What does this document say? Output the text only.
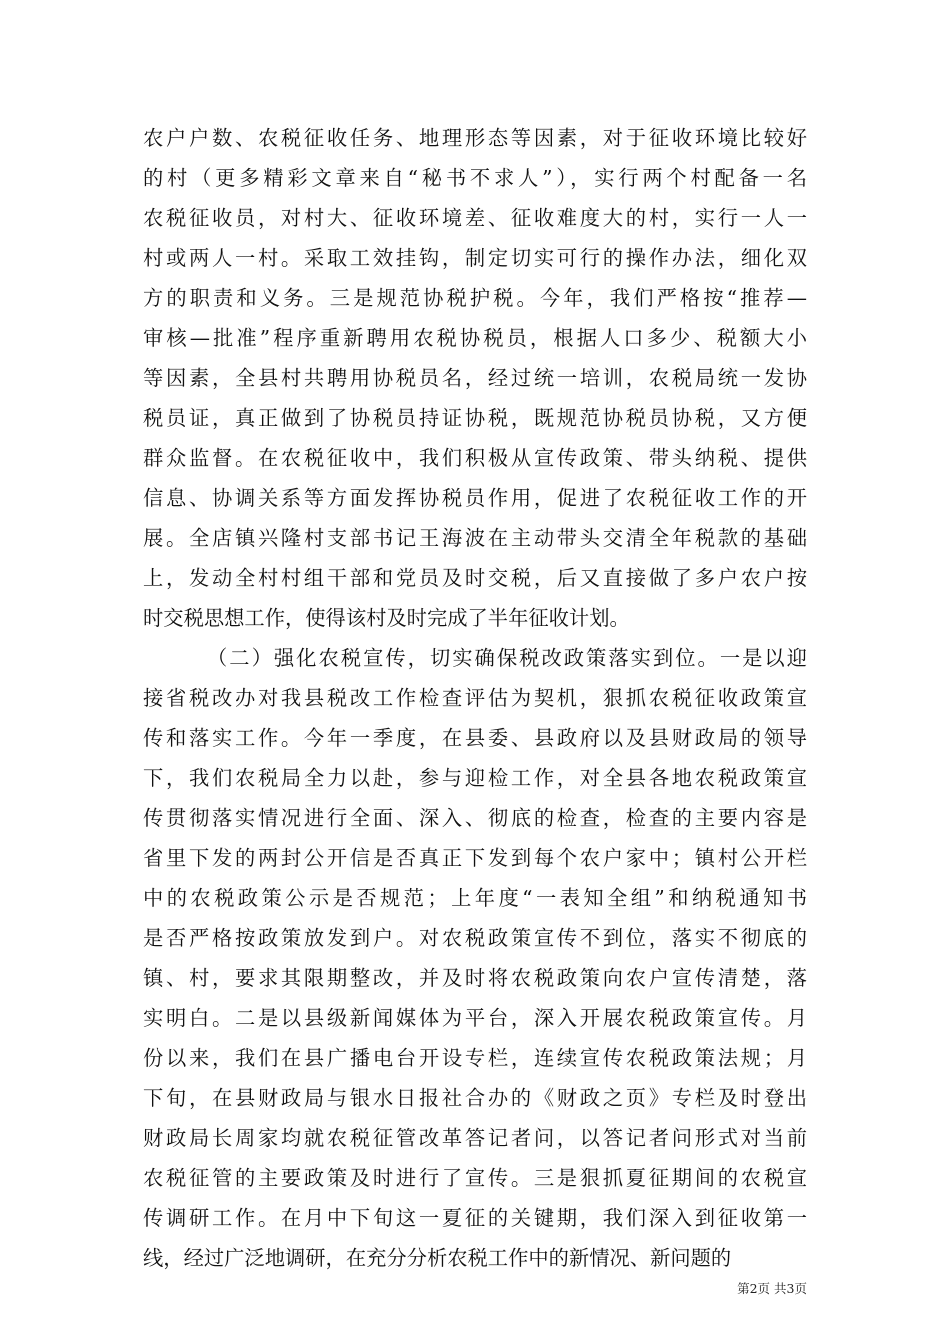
农户户数、农税征收任务、地理形态等因素，对于征收环境比较好
的村（更多精彩文章来自“秘书不求人”），实行两个村配备一名
农税征收员，对村大、征收环境差、征收难度大的村，实行一人一
村或两人一村。采取工效挂钩，制定切实可行的操作办法，细化双
方的职责和义务。三是规范协税护税。今年，我们严格按“推荐—
审核—批准”程序重新聘用农税协税员，根据人口多少、税额大小
等因素，全县村共聘用协税员名，经过统一培训，农税局统一发协
税员证，真正做到了协税员持证协税，既规范协税员协税，又方便
群众监督。在农税征收中，我们积极从宣传政策、带头纳税、提供
信息、协调关系等方面发挥协税员作用，促进了农税征收工作的开
展。全店镇兴隆村支部书记王海波在主动带头交清全年税款的基础
上，发动全村村组干部和党员及时交税，后又直接做了多户农户按
时交税思想工作，使得该村及时完成了半年征收计划。
（二）强化农税宣传，切实确保税改政策落实到位。一是以迎
接省税改办对我县税改工作检查评估为契机，狠抓农税征收政策宣
传和落实工作。今年一季度，在县委、县政府以及县财政局的领导
下，我们农税局全力以赴，参与迎检工作，对全县各地农税政策宣
传贯彻落实情况进行全面、深入、彻底的检查，检查的主要内容是
省里下发的两封公开信是否真正下发到每个农户家中；镇村公开栏
中的农税政策公示是否规范；上年度“一表知全组”和纳税通知书
是否严格按政策放发到户。对农税政策宣传不到位，落实不彻底的
镇、村，要求其限期整改，并及时将农税政策向农户宣传清楚，落
实明白。二是以县级新闻媒体为平台，深入开展农税政策宣传。月
份以来，我们在县广播电台开设专栏，连续宣传农税政策法规；月
下旬，在县财政局与银水日报社合办的《财政之页》专栏及时登出
财政局长周家均就农税征管改革答记者问，以答记者问形式对当前
农税征管的主要政策及时进行了宣传。三是狠抓夏征期间的农税宣
传调研工作。在月中下旬这一夏征的关键期，我们深入到征收第一
线，经过广泛地调研，在充分分析农税工作中的新情况、新问题的
第2页 共3页
